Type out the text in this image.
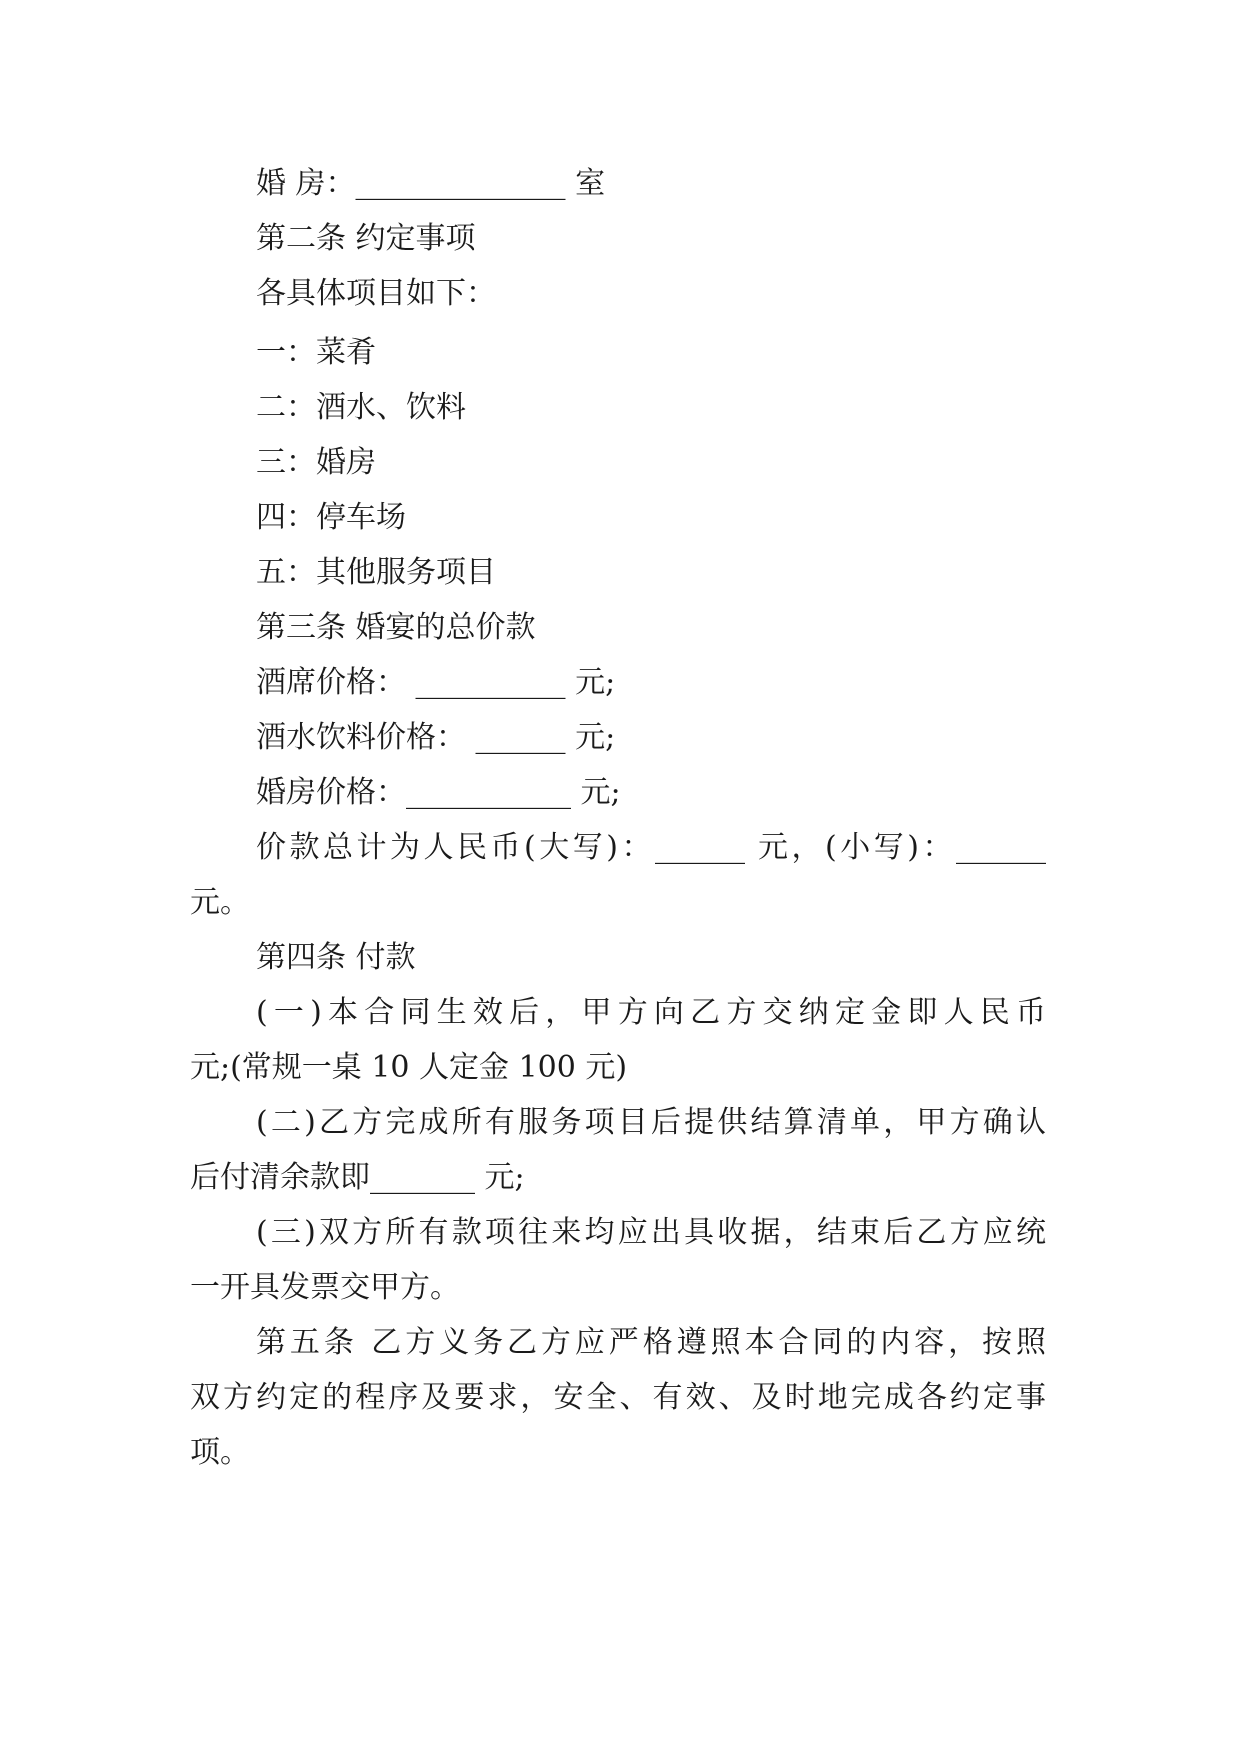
婚 房：______________ 室
第二条 约定事项
各具体项目如下：
一：菜肴
二：酒水、饮料
三：婚房
四：停车场
五：其他服务项目
第三条 婚宴的总价款
酒席价格： __________ 元;
酒水饮料价格： ______ 元;
婚房价格：___________ 元;
价款总计为人民币(大写)：______ 元，(小写)：______
元。
第四条 付款
(一)本合同生效后，甲方向乙方交纳定金即人民币
元;(常规一桌 10 人定金 100 元)
(二)乙方完成所有服务项目后提供结算清单，甲方确认
后付清余款即_______ 元;
(三)双方所有款项往来均应出具收据，结束后乙方应统
一开具发票交甲方。
第五条 乙方义务乙方应严格遵照本合同的内容，按照
双方约定的程序及要求，安全、有效、及时地完成各约定事
项。
